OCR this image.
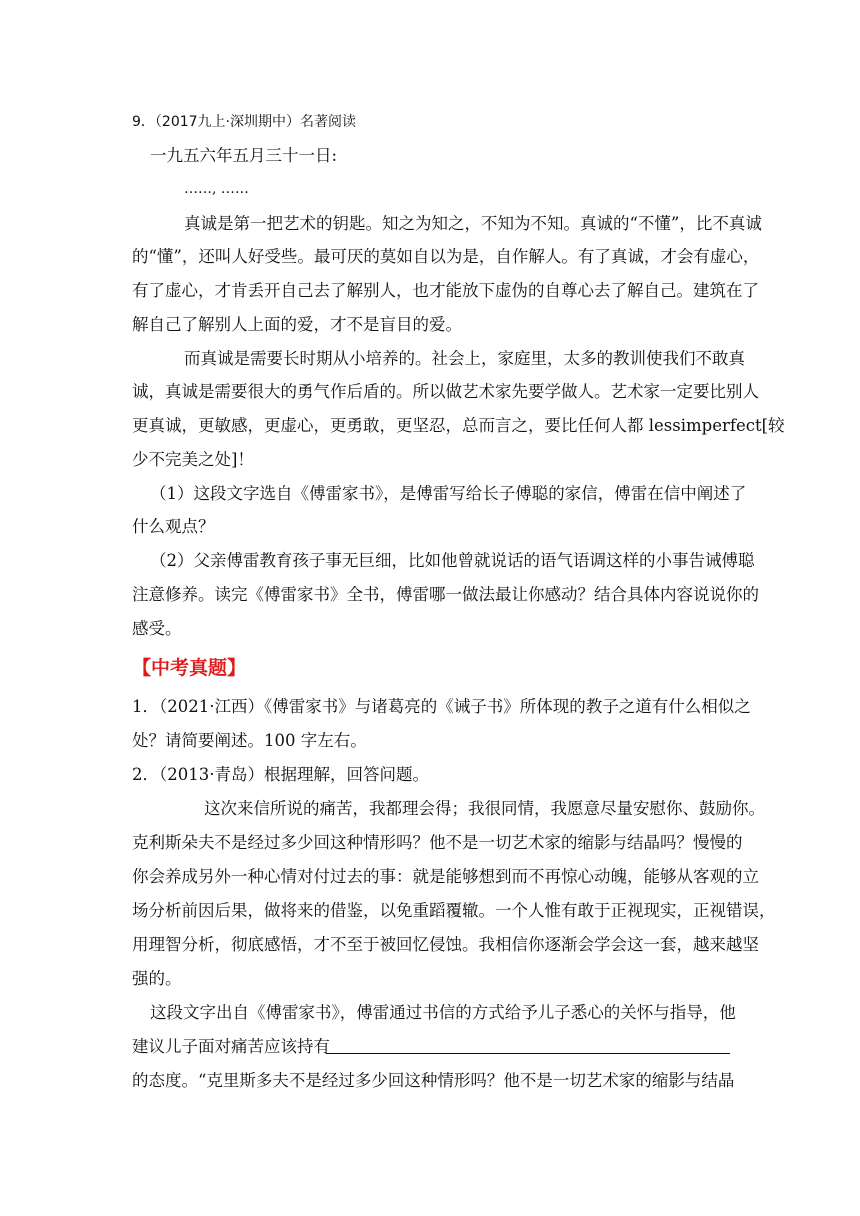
9．（2017九上·深圳期中）名著阅读
一九五六年五月三十一日:
……, ……
真诚是第一把艺术的钥匙。知之为知之，不知为不知。真诚的“不懂”，比不真诚
的“懂”，还叫人好受些。最可厌的莫如自以为是，自作解人。有了真诚，才会有虚心，
有了虚心，才肯丢开自己去了解别人，也才能放下虚伪的自尊心去了解自己。建筑在了
解自己了解别人上面的爱，才不是盲目的爱。
而真诚是需要长时期从小培养的。社会上，家庭里，太多的教训使我们不敢真
诚，真诚是需要很大的勇气作后盾的。所以做艺术家先要学做人。艺术家一定要比别人
更真诚，更敏感，更虚心，更勇敢，更坚忍，总而言之，要比任何人都 lessimperfect[较
少不完美之处]！
（1）这段文字选自《傅雷家书》，是傅雷写给长子傅聪的家信，傅雷在信中阐述了
什么观点？
（2）父亲傅雷教育孩子事无巨细，比如他曾就说话的语气语调这样的小事告诫傅聪
注意修养。读完《傅雷家书》全书，傅雷哪一做法最让你感动？结合具体内容说说你的
感受。
【中考真题】
1．（2021·江西）《傅雷家书》与诸葛亮的《诫子书》所体现的教子之道有什么相似之
处？请简要阐述。100 字左右。
2．（2013·青岛）根据理解，回答问题。
这次来信所说的痛苦，我都理会得；我很同情，我愿意尽量安慰你、鼓励你。
克利斯朵夫不是经过多少回这种情形吗？他不是一切艺术家的缩影与结晶吗？慢慢的
你会养成另外一种心情对付过去的事：就是能够想到而不再惊心动魄，能够从客观的立
场分析前因后果，做将来的借鉴，以免重蹈覆辙。一个人惟有敢于正视现实，正视错误，
用理智分析，彻底感悟，才不至于被回忆侵蚀。我相信你逐渐会学会这一套，越来越坚
强的。
这段文字出自《傅雷家书》，傅雷通过书信的方式给予儿子悉心的关怀与指导，他
建议儿子面对痛苦应该持有
的态度。“克里斯多夫不是经过多少回这种情形吗？他不是一切艺术家的缩影与结晶
